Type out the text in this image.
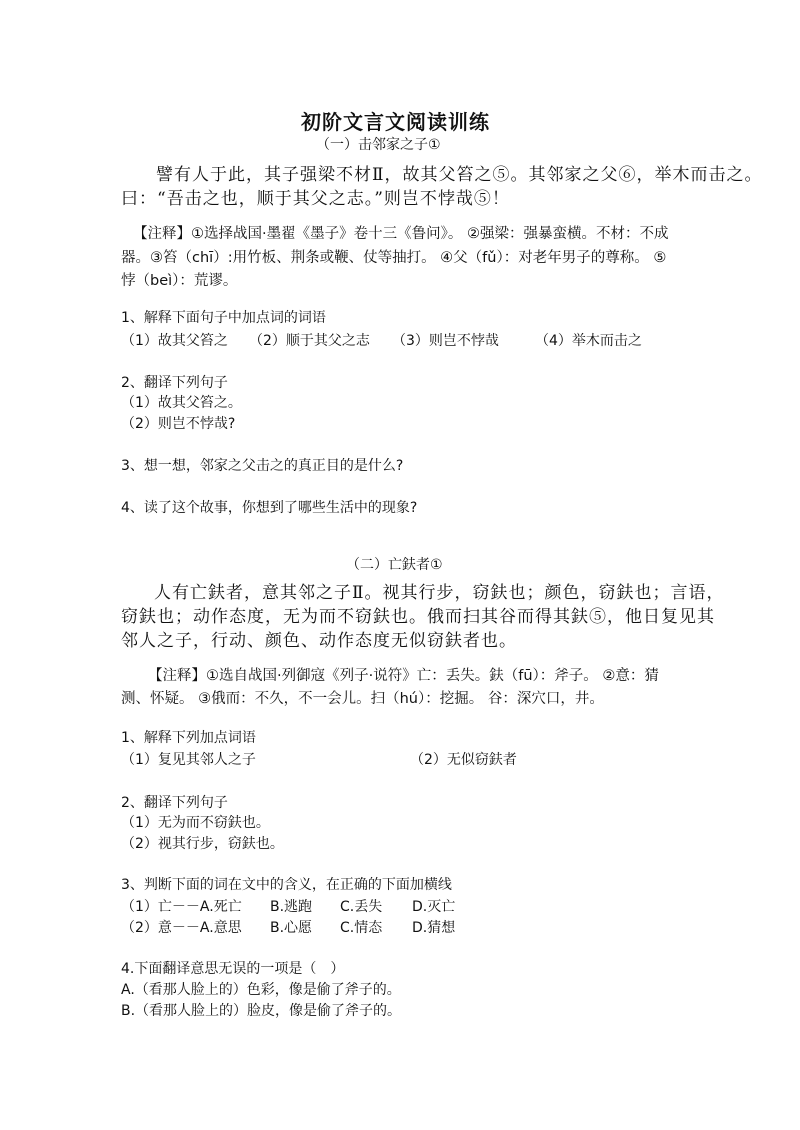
初阶文言文阅读训练
（一）击邻家之子①
譬有人于此，其子强梁不材Ⅱ，故其父笞之⑤。其邻家之父⑥，举木而击之。
曰：“吾击之也，顺于其父之志。”则岂不悖哉⑤！
【注释】①选择战国·墨翟《墨子》卷十三《鲁问》。 ②强梁：强暴蛮横。不材：不成
器。③笞（chī）:用竹板、荆条或鞭、仗等抽打。 ④父（fǔ）：对老年男子的尊称。 ⑤
悖（beì）：荒谬。
1、解释下面句子中加点词的词语
（1）故其父笞之 （2）顺于其父之志 （3）则岂不悖哉	（4）举木而击之
2、翻译下列句子
（1）故其父笞之。
（2）则岂不悖哉?
3、想一想，邻家之父击之的真正目的是什么?
4、读了这个故事，你想到了哪些生活中的现象?
（二）亡鈇者①
人有亡鈇者，意其邻之子Ⅱ。视其行步，窃鈇也；颜色，窃鈇也；言语，
窃鈇也；动作态度，无为而不窃鈇也。俄而扫其谷而得其鈇⑤，他日复见其
邻人之子，行动、颜色、动作态度无似窃鈇者也。
【注释】①选自战国·列御寇《列子·说符》亡：丢失。鈇（fū）：斧子。 ②意：猜
测、怀疑。 ③俄而：不久，不一会儿。扫（hú）：挖掘。 谷：深穴口，井。
1、解释下列加点词语
（1）复见其邻人之子	（2）无似窃鈇者
2、翻译下列句子
（1）无为而不窃鈇也。
（2）视其行步，窃鈇也。
3、判断下面的词在文中的含义，在正确的下面加横线
（1）亡－－A.死亡 B.逃跑 C.丢失 D.灭亡
（2）意－－A.意思 B.心愿 C.情态 D.猜想
4.下面翻译意思无误的一项是（　）
A.（看那人脸上的）色彩，像是偷了斧子的。
B.（看那人脸上的）脸皮，像是偷了斧子的。
